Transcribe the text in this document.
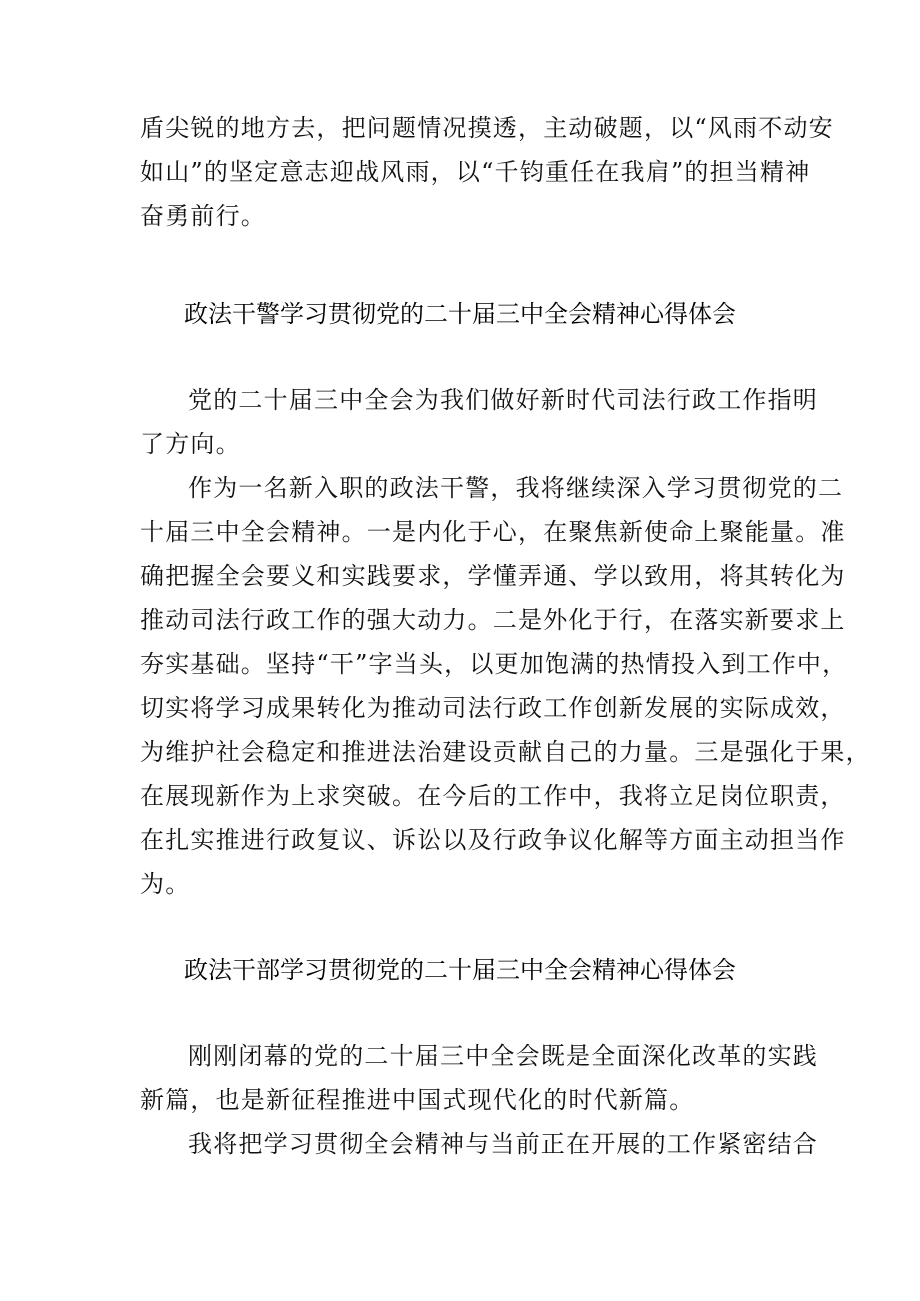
盾尖锐的地方去，把问题情况摸透，主动破题，以“风雨不动安
如山”的坚定意志迎战风雨，以“千钧重任在我肩”的担当精神
奋勇前行。
政法干警学习贯彻党的二十届三中全会精神心得体会
党的二十届三中全会为我们做好新时代司法行政工作指明
了方向。
作为一名新入职的政法干警，我将继续深入学习贯彻党的二
十届三中全会精神。一是内化于心，在聚焦新使命上聚能量。准
确把握全会要义和实践要求，学懂弄通、学以致用，将其转化为
推动司法行政工作的强大动力。二是外化于行，在落实新要求上
夯实基础。坚持“干”字当头，以更加饱满的热情投入到工作中，
切实将学习成果转化为推动司法行政工作创新发展的实际成效，
为维护社会稳定和推进法治建设贡献自己的力量。三是强化于果，
在展现新作为上求突破。在今后的工作中，我将立足岗位职责，
在扎实推进行政复议、诉讼以及行政争议化解等方面主动担当作
为。
政法干部学习贯彻党的二十届三中全会精神心得体会
刚刚闭幕的党的二十届三中全会既是全面深化改革的实践
新篇，也是新征程推进中国式现代化的时代新篇。
我将把学习贯彻全会精神与当前正在开展的工作紧密结合
